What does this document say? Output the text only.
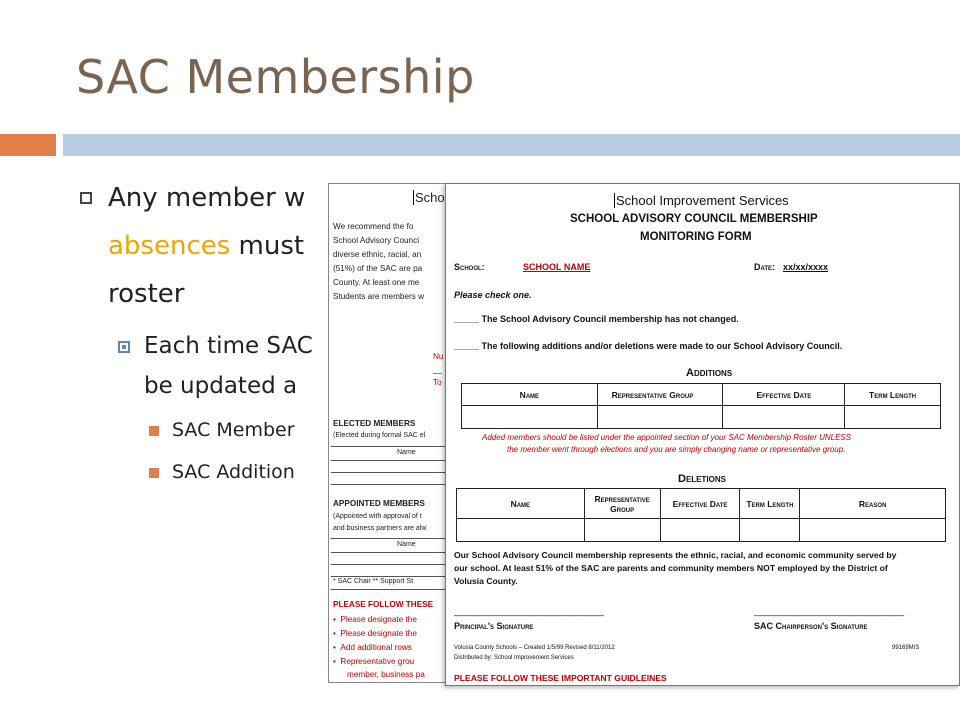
SAC Membership
Any member w
absences must
roster
Each time SAC
be updated a
SAC Member
SAC Addition
Scho
We recommend the fo
School Advisory Counci
diverse ethnic, racial, an
(51%) of the SAC are pa
County. At least one me
Students are members w
Nu
__
To
ELECTED MEMBERS
(Elected during formal SAC el
Name
APPOINTED MEMBERS
(Appointed with approval of t
and business partners are alw
Name
* SAC Chair ** Support St
PLEASE FOLLOW THESE
•  Please designate the
•  Please designate the
•  Add additional rows
•  Representative grou
member, business pa
School Improvement Services
SCHOOL ADVISORY COUNCIL MEMBERSHIP
MONITORING FORM
School:	SCHOOL NAME	Date: xx/xx/xxxx
Please check one.
_____ The School Advisory Council membership has not changed.
_____ The following additions and/or deletions were made to our School Advisory Council.
Additions
Name	Representative Group	Effective Date	Term Length

Added members should be listed under the appointed section of your SAC Membership Roster UNLESS
the member went through elections and you are simply changing name or representative group.
Deletions
Name	Representative Group	Effective Date	Term Length	Reason

Our School Advisory Council membership represents the ethnic, racial, and economic community served by
our school. At least 51% of the SAC are parents and community members NOT employed by the District of
Volusia County.
______________________________	______________________________
Principal's Signature	SAC Chairperson's Signature
Volusia County Schools – Created 1/5/99 Revised 8/11/2012
Distributed by: School Improvement Services
99169MIS
PLEASE FOLLOW THESE IMPORTANT GUIDLEINES
